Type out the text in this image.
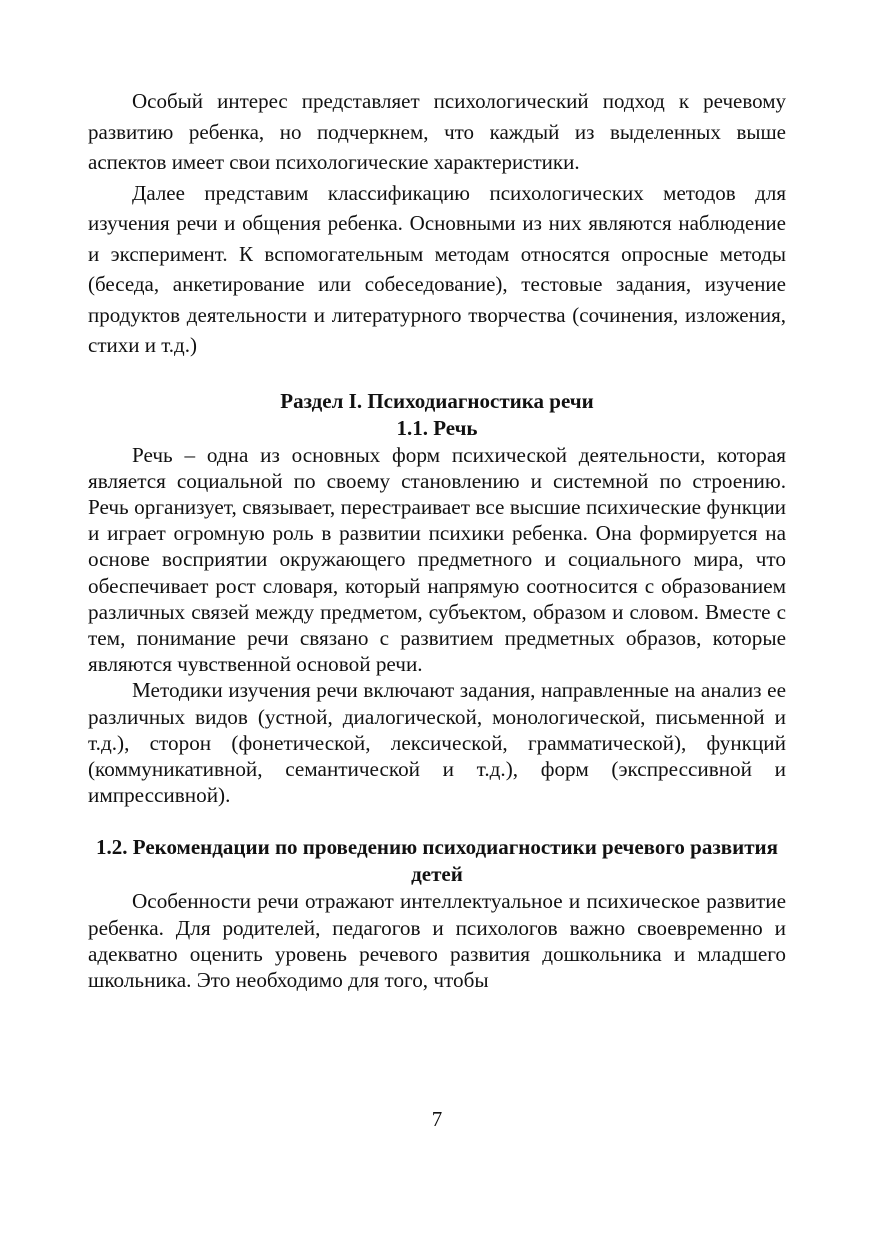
Особый интерес представляет психологический подход к речевому развитию ребенка, но подчеркнем, что каждый из выделенных выше аспектов имеет свои психологические характеристики.

Далее представим классификацию психологических методов для изучения речи и общения ребенка. Основными из них являются наблюдение и эксперимент. К вспомогательным методам относятся опросные методы (беседа, анкетирование или собеседование), тестовые задания, изучение продуктов деятельности и литературного творчества (сочинения, изложения, стихи и т.д.)

Раздел I. Психодиагностика речи
1.1. Речь

Речь – одна из основных форм психической деятельности, которая является социальной по своему становлению и системной по строению. Речь организует, связывает, перестраивает все высшие психические функции и играет огромную роль в развитии психики ребенка. Она формируется на основе восприятии окружающего предметного и социального мира, что обеспечивает рост словаря, который напрямую соотносится с образованием различных связей между предметом, субъектом, образом и словом. Вместе с тем, понимание речи связано с развитием предметных образов, которые являются чувственной основой речи.

Методики изучения речи включают задания, направленные на анализ ее различных видов (устной, диалогической, монологической, письменной и т.д.), сторон (фонетической, лексической, грамматической), функций (коммуникативной, семантической и т.д.), форм (экспрессивной и импрессивной).

1.2. Рекомендации по проведению психодиагностики речевого развития детей

Особенности речи отражают интеллектуальное и психическое развитие ребенка. Для родителей, педагогов и психологов важно своевременно и адекватно оценить уровень речевого развития дошкольника и младшего школьника. Это необходимо для того, чтобы

7
